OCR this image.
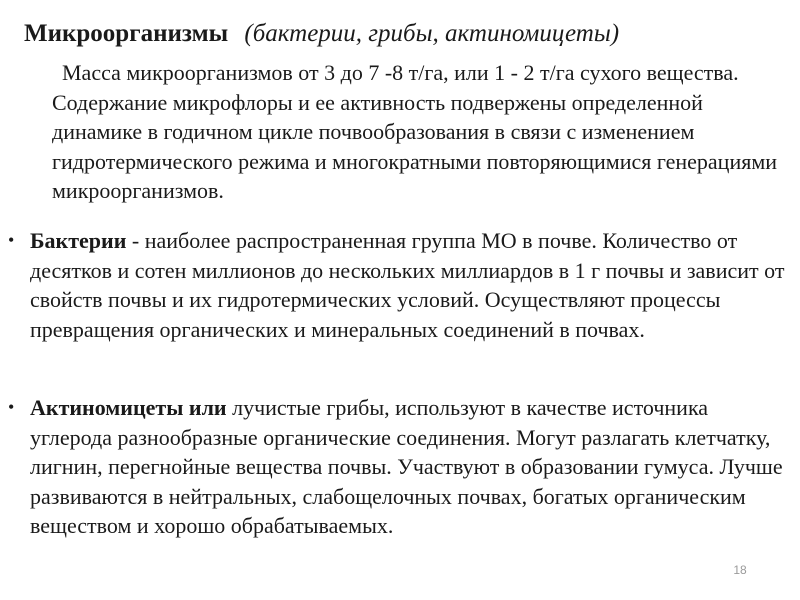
Микроорганизмы (бактерии, грибы, актиномицеты)
Масса микроорганизмов от 3 до 7 -8 т/га, или 1 - 2 т/га сухого вещества. Содержание микрофлоры и ее активность подвержены определенной динамике в годичном цикле почвообразования в связи с изменением гидротермического режима и многократными повторяющимися генерациями микроорганизмов.
• Бактерии - наиболее распространенная группа МО в почве. Количество от десятков и сотен миллионов до нескольких миллиардов в 1 г почвы и зависит от свойств почвы и их гидротермических условий. Осуществляют процессы превращения органических и минеральных соединений в почвах.
• Актиномицеты или лучистые грибы, используют в качестве источника углерода разнообразные органические соединения. Могут разлагать клетчатку, лигнин, перегнойные вещества почвы. Участвуют в образовании гумуса. Лучше развиваются в нейтральных, слабощелочных почвах, богатых органическим веществом и хорошо обрабатываемых.
18
